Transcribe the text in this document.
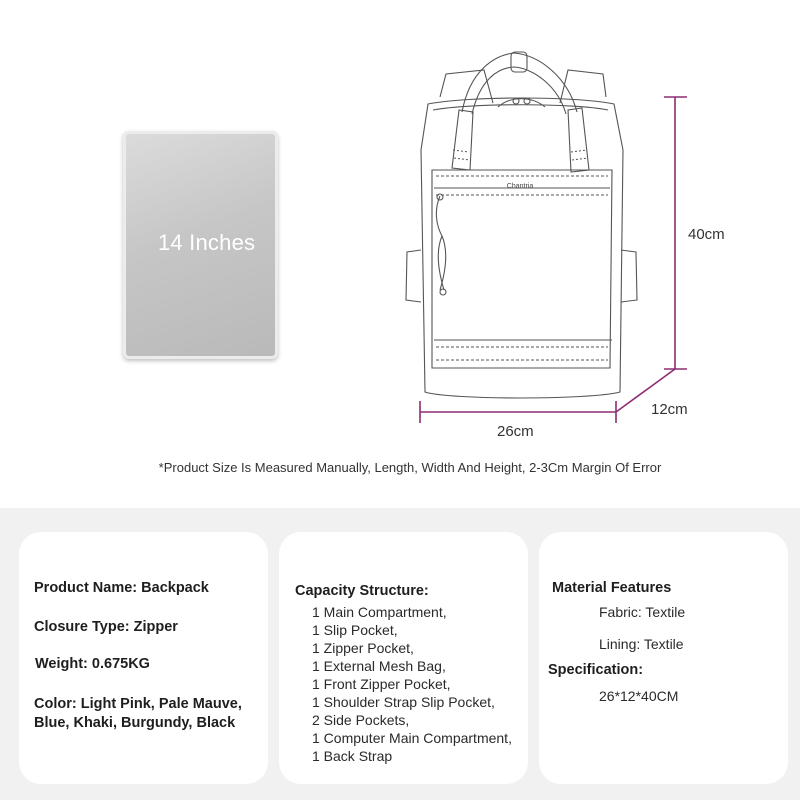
14 Inches
Chantria
40cm
26cm
12cm
*Product Size Is Measured Manually, Length, Width And Height, 2-3Cm Margin Of Error
Product Name: Backpack
Closure Type: Zipper
Weight: 0.675KG
Color: Light Pink, Pale Mauve,
Blue, Khaki, Burgundy, Black
Capacity Structure:
1 Main Compartment,
1 Slip Pocket,
1 Zipper Pocket,
1 External Mesh Bag,
1 Front Zipper Pocket,
1 Shoulder Strap Slip Pocket,
2 Side Pockets,
1 Computer Main Compartment,
1 Back Strap
Material Features
Fabric: Textile
Lining: Textile
Specification:
26*12*40CM
